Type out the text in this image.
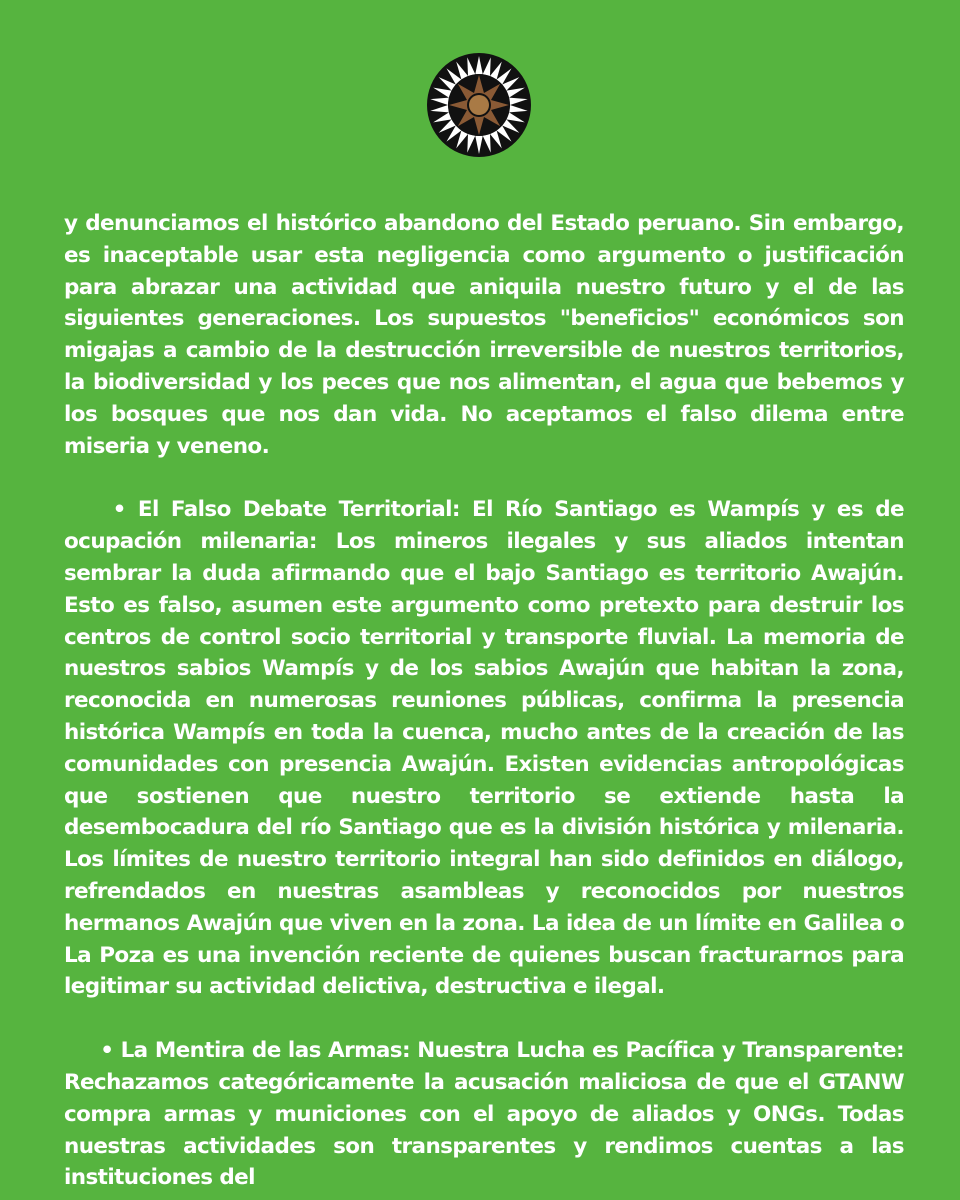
y denunciamos el histórico abandono del Estado peruano. Sin embargo, es inaceptable usar esta negligencia como argumento o justificación para abrazar una actividad que aniquila nuestro futuro y el de las siguientes generaciones. Los supuestos "beneficios" económicos son migajas a cambio de la destrucción irreversible de nuestros territorios, la biodiversidad y los peces que nos alimentan, el agua que bebemos y los bosques que nos dan vida. No aceptamos el falso dilema entre miseria y veneno.

• El Falso Debate Territorial: El Río Santiago es Wampís y es de ocupación milenaria: Los mineros ilegales y sus aliados intentan sembrar la duda afirmando que el bajo Santiago es territorio Awajún. Esto es falso, asumen este argumento como pretexto para destruir los centros de control socio territorial y transporte fluvial. La memoria de nuestros sabios Wampís y de los sabios Awajún que habitan la zona, reconocida en numerosas reuniones públicas, confirma la presencia histórica Wampís en toda la cuenca, mucho antes de la creación de las comunidades con presencia Awajún. Existen evidencias antropológicas que sostienen que nuestro territorio se extiende hasta la desembocadura del río Santiago que es la división histórica y milenaria. Los límites de nuestro territorio integral han sido definidos en diálogo, refrendados en nuestras asambleas y reconocidos por nuestros hermanos Awajún que viven en la zona. La idea de un límite en Galilea o La Poza es una invención reciente de quienes buscan fracturarnos para legitimar su actividad delictiva, destructiva e ilegal.

• La Mentira de las Armas: Nuestra Lucha es Pacífica y Transparente: Rechazamos categóricamente la acusación maliciosa de que el GTANW compra armas y municiones con el apoyo de aliados y ONGs. Todas nuestras actividades son transparentes y rendimos cuentas a las instituciones del
